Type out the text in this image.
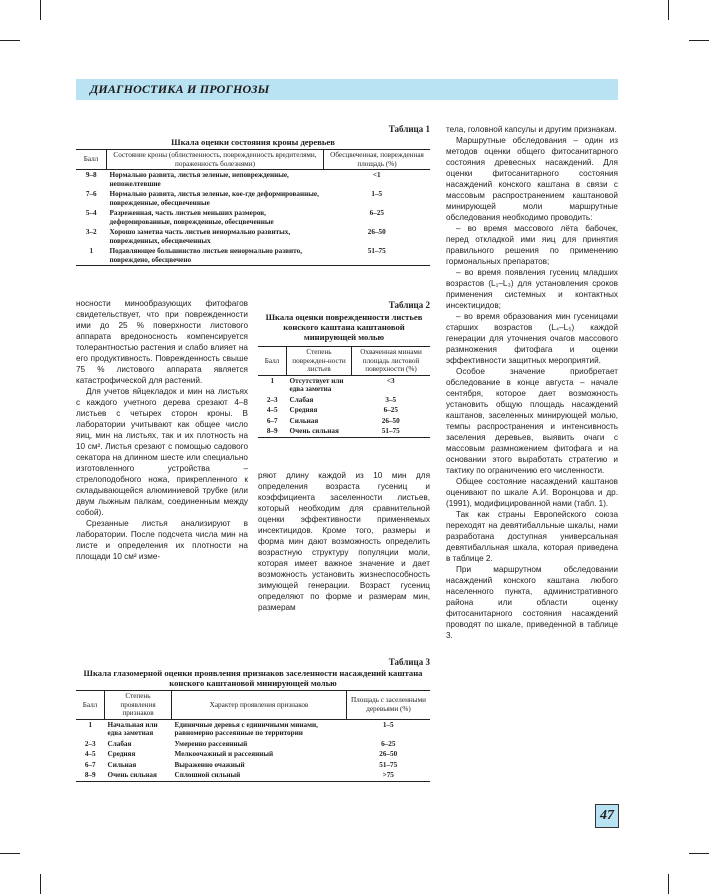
ДИАГНОСТИКА И ПРОГНОЗЫ
Таблица 1
Шкала оценки состояния кроны деревьев
Балл	Состояние кроны (облиственность, поврежденность вредителями, пораженность болезнями)	Обесцвеченная, поврежденная площадь (%)
9–8	Нормально развита, листья зеленые, неповрежденные, непожелтевшие	<1
7–6	Нормально развита, листья зеленые, кое-где деформированные, поврежденные, обесцвеченные	1–5
5–4	Разреженная, часть листьев меньших размеров, деформированные, поврежденные, обесцвеченные	6–25
3–2	Хорошо заметна часть листьев ненормально развитых, поврежденных, обесцвеченных	26–50
1	Подавляющее большинство листьев ненормально развито, повреждено, обесцвечено	51–75

носности минообразующих фитофагов свидетельствует, что при поврежденности ими до 25 % поверхности листового аппарата вредоносность компенсируется толерантностью растения и слабо влияет на его продуктивность. Поврежденность свыше 75 % листового аппарата является катастрофической для растений.

Для учетов яйцекладок и мин на листьях с каждого учетного дерева срезают 4–8 листьев с четырех сторон кроны. В лаборатории учитывают как общее число яиц, мин на листьях, так и их плотность на 10 см². Листья срезают с помощью садового секатора на длинном шесте или специально изготовленного устройства – стрелоподобного ножа, прикрепленного к складывающейся алюминиевой трубке (или двум лыжным палкам, соединенным между собой).

Срезанные листья анализируют в лаборатории. После подсчета числа мин на листе и определения их плотности на площади 10 см² изме-

Таблица 2
Шкала оценки поврежденности листьев конского каштана каштановой минирующей молью
Балл	Степень поврежден-ности листьев	Охваченная минами площадь листовой поверхности (%)
1	Отсутствует или едва заметна	<3
2–3	Слабая	3–5
4–5	Средняя	6–25
6–7	Сильная	26–50
8–9	Очень сильная	51–75

ряют длину каждой из 10 мин для определения возраста гусениц и коэффициента заселенности листьев, который необходим для сравнительной оценки эффективности применяемых инсектицидов. Кроме того, размеры и форма мин дают возможность определить возрастную структуру популяции моли, которая имеет важное значение и дает возможность установить жизнеспособность зимующей генерации. Возраст гусениц определяют по форме и размерам мин, размерам

Таблица 3
Шкала глазомерной оценки проявления признаков заселенности насаждений каштана конского каштановой минирующей молью
Балл	Степень проявления признаков	Характер проявления признаков	Площадь с заселенными деревьями (%)
1	Начальная или едва заметная	Единичные деревья с единичными минами, равномерно рассеянные по территории	1–5
2–3	Слабая	Умеренно рассеянный	6–25
4–5	Средняя	Мелкоочажный и рассеянный	26–50
6–7	Сильная	Выраженно очажный	51–75
8–9	Очень сильная	Сплошной сильный	>75

тела, головной капсулы и другим признакам.

Маршрутные обследования – один из методов оценки общего фитосанитарного состояния древесных насаждений. Для оценки фитосанитарного состояния насаждений конского каштана в связи с массовым распространением каштановой минирующей моли маршрутные обследования необходимо проводить:

– во время массового лёта бабочек, перед откладкой ими яиц для принятия правильного решения по применению гормональных препаратов;

– во время появления гусениц младших возрастов (L₁–L₃) для установления сроков применения системных и контактных инсектицидов;

– во время образования мин гусеницами старших возрастов (L₄–L₅) каждой генерации для уточнения очагов массового размножения фитофага и оценки эффективности защитных мероприятий.

Особое значение приобретает обследование в конце августа – начале сентября, которое дает возможность установить общую площадь насаждений каштанов, заселенных минирующей молью, темпы распространения и интенсивность заселения деревьев, выявить очаги с массовым размножением фитофага и на основании этого выработать стратегию и тактику по ограничению его численности.

Общее состояние насаждений каштанов оценивают по шкале А.И. Воронцова и др. (1991), модифицированной нами (табл. 1).

Так как страны Европейского союза переходят на девятибалльные шкалы, нами разработана доступная универсальная девятибалльная шкала, которая приведена в таблице 2.

При маршрутном обследовании насаждений конского каштана любого населенного пункта, административного района или области оценку фитосанитарного состояния насаждений проводят по шкале, приведенной в таблице 3.

47
